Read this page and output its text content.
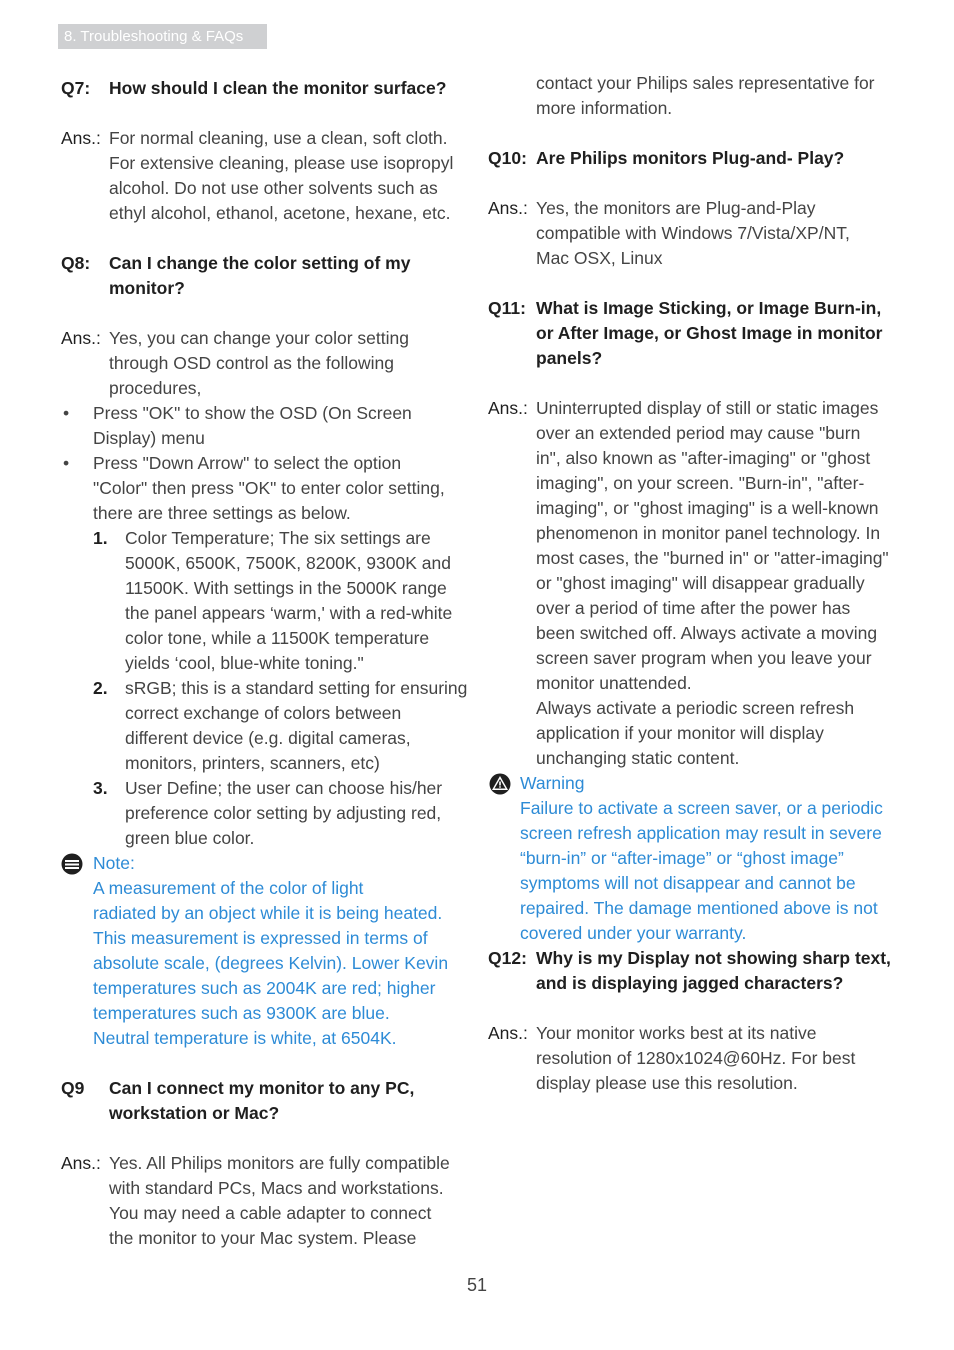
8. Troubleshooting & FAQs
Q7:	How should I clean the monitor surface?
Ans.: For normal cleaning, use a clean, soft cloth.
For extensive cleaning, please use isopropyl
alcohol. Do not use other solvents such as
ethyl alcohol, ethanol, acetone, hexane, etc.
Q8:	Can I change the color setting of my
monitor?
Ans.: Yes, you can change your color setting
through OSD control as the following
procedures,
•	Press "OK" to show the OSD (On Screen
Display) menu
•	Press "Down Arrow" to select the option
"Color" then press "OK" to enter color setting,
there are three settings as below.
1. Color Temperature; The six settings are
5000K, 6500K, 7500K, 8200K, 9300K and
11500K. With settings in the 5000K range
the panel appears ‘warm,' with a red-white
color tone, while a 11500K temperature
yields ‘cool, blue-white toning."
2. sRGB; this is a standard setting for ensuring
correct exchange of colors between
different device (e.g. digital cameras,
monitors, printers, scanners, etc)
3. User Define; the user can choose his/her
preference color setting by adjusting red,
green blue color.
Note:
A measurement of the color of light
radiated by an object while it is being heated.
This measurement is expressed in terms of
absolute scale, (degrees Kelvin). Lower Kevin
temperatures such as 2004K are red; higher
temperatures such as 9300K are blue.
Neutral temperature is white, at 6504K.
Q9	Can I connect my monitor to any PC,
workstation or Mac?
Ans.: Yes. All Philips monitors are fully compatible
with standard PCs, Macs and workstations.
You may need a cable adapter to connect
the monitor to your Mac system. Please
contact your Philips sales representative for
more information.
Q10: Are Philips monitors Plug-and- Play?
Ans.: Yes, the monitors are Plug-and-Play
compatible with Windows 7/Vista/XP/NT,
Mac OSX, Linux
Q11: What is Image Sticking, or Image Burn-in,
or After Image, or Ghost Image in monitor
panels?
Ans.: Uninterrupted display of still or static images
over an extended period may cause "burn
in", also known as "after-imaging" or "ghost
imaging", on your screen. "Burn-in", "after-
imaging", or "ghost imaging" is a well-known
phenomenon in monitor panel technology. In
most cases, the "burned in" or "atter-imaging"
or "ghost imaging" will disappear gradually
over a period of time after the power has
been switched off. Always activate a moving
screen saver program when you leave your
monitor unattended.
Always activate a periodic screen refresh
application if your monitor will display
unchanging static content.
Warning
Failure to activate a screen saver, or a periodic
screen refresh application may result in severe
“burn-in” or “after-image” or “ghost image”
symptoms will not disappear and cannot be
repaired. The damage mentioned above is not
covered under your warranty.
Q12: Why is my Display not showing sharp text,
and is displaying jagged characters?
Ans.: Your monitor works best at its native
resolution of 1280x1024@60Hz. For best
display please use this resolution.
51
